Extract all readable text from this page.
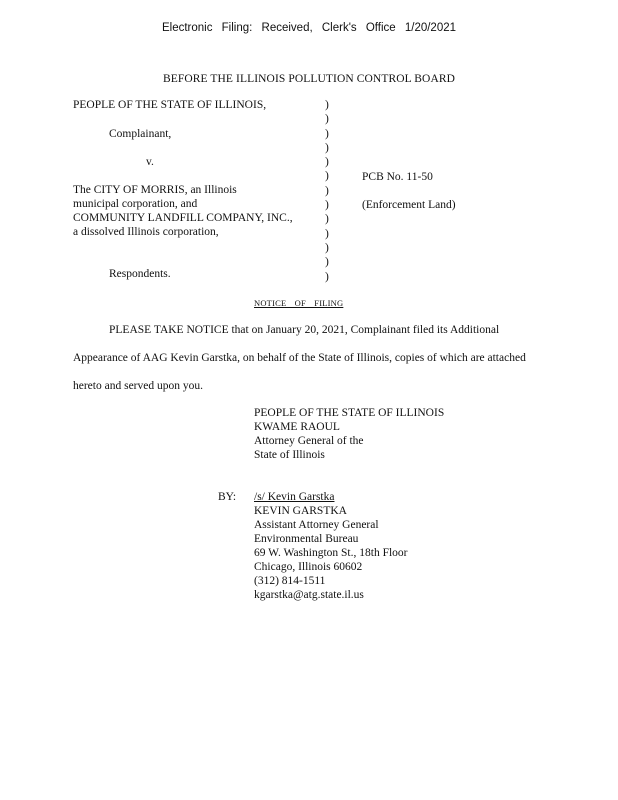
Electronic Filing: Received, Clerk's Office 1/20/2021
BEFORE THE ILLINOIS POLLUTION CONTROL BOARD
PEOPLE OF THE STATE OF ILLINOIS,
Complainant,
v.
The CITY OF MORRIS, an Illinois
municipal corporation, and
COMMUNITY LANDFILL COMPANY, INC.,
a dissolved Illinois corporation,
Respondents.
)
)
)
)
)
)
)
)
)
)
)
)
)
PCB No. 11-50
(Enforcement Land)
NOTICE OF FILING
PLEASE TAKE NOTICE that on January 20, 2021, Complainant filed its Additional
Appearance of AAG Kevin Garstka, on behalf of the State of Illinois, copies of which are attached
hereto and served upon you.
PEOPLE OF THE STATE OF ILLINOIS
KWAME RAOUL
Attorney General of the
State of Illinois
BY: /s/ Kevin Garstka
KEVIN GARSTKA
Assistant Attorney General
Environmental Bureau
69 W. Washington St., 18th Floor
Chicago, Illinois 60602
(312) 814-1511
kgarstka@atg.state.il.us
